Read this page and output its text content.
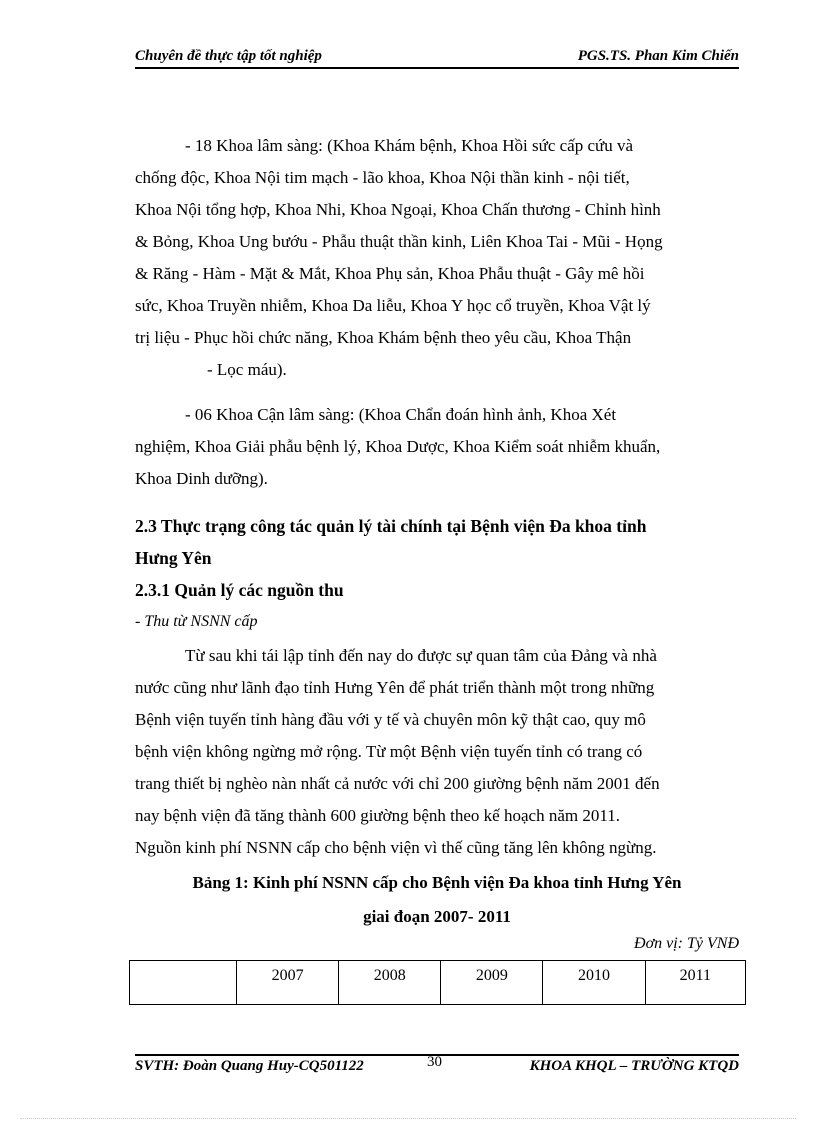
Chuyên đề thực tập tốt nghiệp	PGS.TS. Phan Kim Chiến
- 18 Khoa lâm sàng: (Khoa Khám bệnh, Khoa Hồi sức cấp cứu và
chống độc, Khoa Nội tim mạch - lão khoa, Khoa Nội thần kinh - nội tiết,
Khoa Nội tổng hợp, Khoa Nhi, Khoa Ngoại, Khoa Chấn thương - Chỉnh hình
& Bỏng, Khoa Ung bướu - Phẫu thuật thần kinh, Liên Khoa Tai - Mũi - Họng
& Răng - Hàm - Mặt & Mắt, Khoa Phụ sản, Khoa Phẫu thuật - Gây mê hồi
sức, Khoa Truyền nhiễm, Khoa Da liễu, Khoa Y học cổ truyền, Khoa Vật lý
trị liệu - Phục hồi chức năng, Khoa Khám bệnh theo yêu cầu, Khoa Thận
- Lọc máu).
- 06 Khoa Cận lâm sàng: (Khoa Chẩn đoán hình ảnh, Khoa Xét
nghiệm, Khoa Giải phẫu bệnh lý, Khoa Dược, Khoa Kiểm soát nhiễm khuẩn,
Khoa Dinh dưỡng).
2.3 Thực trạng công tác quản lý tài chính tại Bệnh viện Đa khoa tỉnh
Hưng Yên
2.3.1 Quản lý các nguồn thu
- Thu từ NSNN cấp
Từ sau khi tái lập tỉnh đến nay do được sự quan tâm của Đảng và nhà
nước cũng như lãnh đạo tỉnh Hưng Yên để phát triển thành một trong những
Bệnh viện tuyến tỉnh hàng đầu với y tế và chuyên môn kỹ thật cao, quy mô
bệnh viện không ngừng mở rộng. Từ một Bệnh viện tuyến tỉnh có trang có
trang thiết bị nghèo nàn nhất cả nước với chỉ 200 giường bệnh năm 2001 đến
nay bệnh viện đã tăng thành 600 giường bệnh theo kế hoạch năm 2011.
Nguồn kinh phí NSNN cấp cho bệnh viện vì thế cũng tăng lên không ngừng.
Bảng 1: Kinh phí NSNN cấp cho Bệnh viện Đa khoa tỉnh Hưng Yên
giai đoạn 2007- 2011
Đơn vị: Tỷ VNĐ
	2007	2008	2009	2010	2011
SVTH: Đoàn Quang Huy-CQ501122	30	KHOA KHQL – TRƯỜNG KTQD
